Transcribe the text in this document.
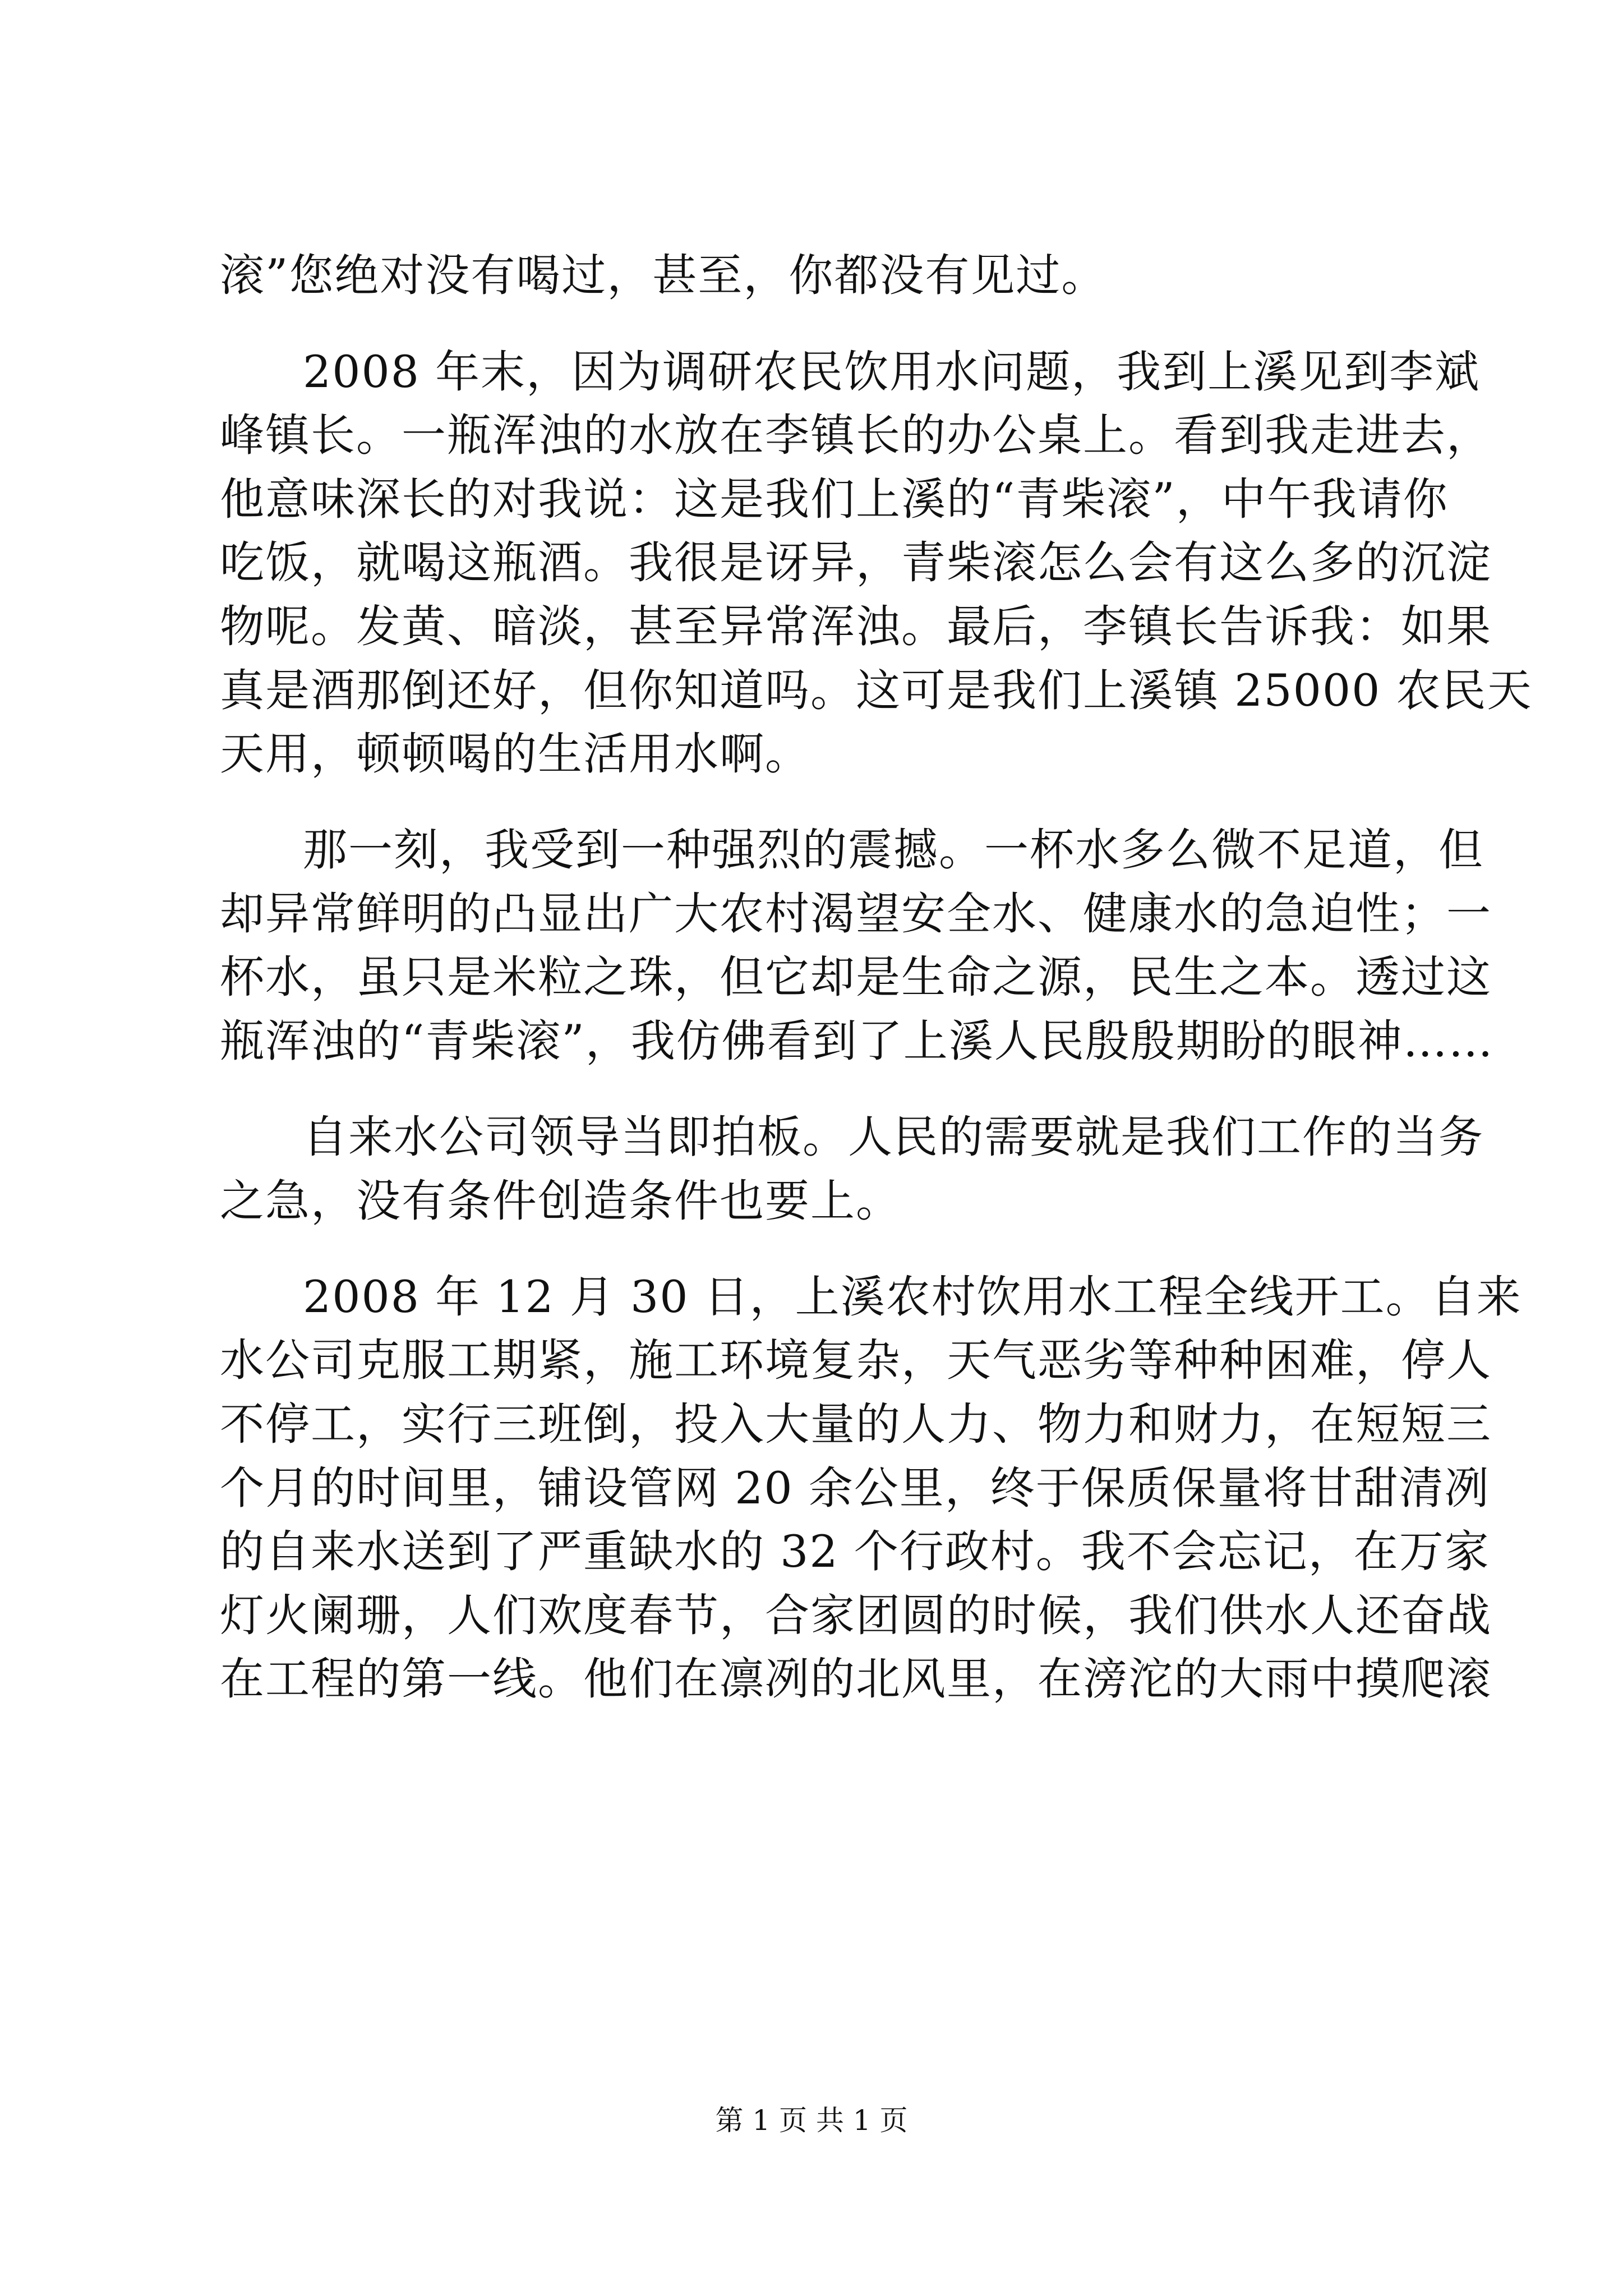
滚”您绝对没有喝过，甚至，你都没有见过。
2008 年末，因为调研农民饮用水问题，我到上溪见到李斌
峰镇长。一瓶浑浊的水放在李镇长的办公桌上。看到我走进去，
他意味深长的对我说：这是我们上溪的“青柴滚”，中午我请你
吃饭，就喝这瓶酒。我很是讶异，青柴滚怎么会有这么多的沉淀
物呢。发黄、暗淡，甚至异常浑浊。最后，李镇长告诉我：如果
真是酒那倒还好，但你知道吗。这可是我们上溪镇 25000 农民天
天用，顿顿喝的生活用水啊。
那一刻，我受到一种强烈的震撼。一杯水多么微不足道，但
却异常鲜明的凸显出广大农村渴望安全水、健康水的急迫性；一
杯水，虽只是米粒之珠，但它却是生命之源，民生之本。透过这
瓶浑浊的“青柴滚”，我仿佛看到了上溪人民殷殷期盼的眼神……
自来水公司领导当即拍板。人民的需要就是我们工作的当务
之急，没有条件创造条件也要上。
2008 年 12 月 30 日，上溪农村饮用水工程全线开工。自来
水公司克服工期紧，施工环境复杂，天气恶劣等种种困难，停人
不停工，实行三班倒，投入大量的人力、物力和财力，在短短三
个月的时间里，铺设管网 20 余公里，终于保质保量将甘甜清冽
的自来水送到了严重缺水的 32 个行政村。我不会忘记，在万家
灯火阑珊，人们欢度春节，合家团圆的时候，我们供水人还奋战
在工程的第一线。他们在凛冽的北风里，在滂沱的大雨中摸爬滚
第 1 页 共 1 页
